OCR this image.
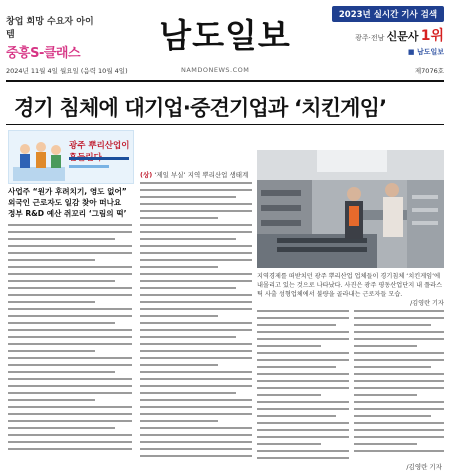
창업 희망 수요자 아이템
중흥S-클래스	남도일보
2023년 실시간 기사 검색
광주·전남 신문사 1위
■ 남도일보
2024년 11월 4일 월요일 (음력 10월 4일)	NAMDONEWS.COM	제7076호
경기 침체에 대기업·중견기업과 ‘치킨게임’
광주 뿌리산업이
(상) ‘제일 부실’ 지역 뿌리산업 생태계

사업주 “원가 후려치기, 영도 없어”

외국인 근로자도 일감 찾아 떠나요

정부 R&D 예산 쥐꼬리 ‘그림의 떡’

지역경제를 떠받치던 광주 뿌리산업 업체들이 경기침체 ‘치킨게임’에 내몰리고 있는 것으로 나타났다. 사진은 광주 평동산업단지 내 플라스틱 사출 성형업체에서 불량을 골라내는 근로자들 모습.
/김영란 기자
/김영란 기자
